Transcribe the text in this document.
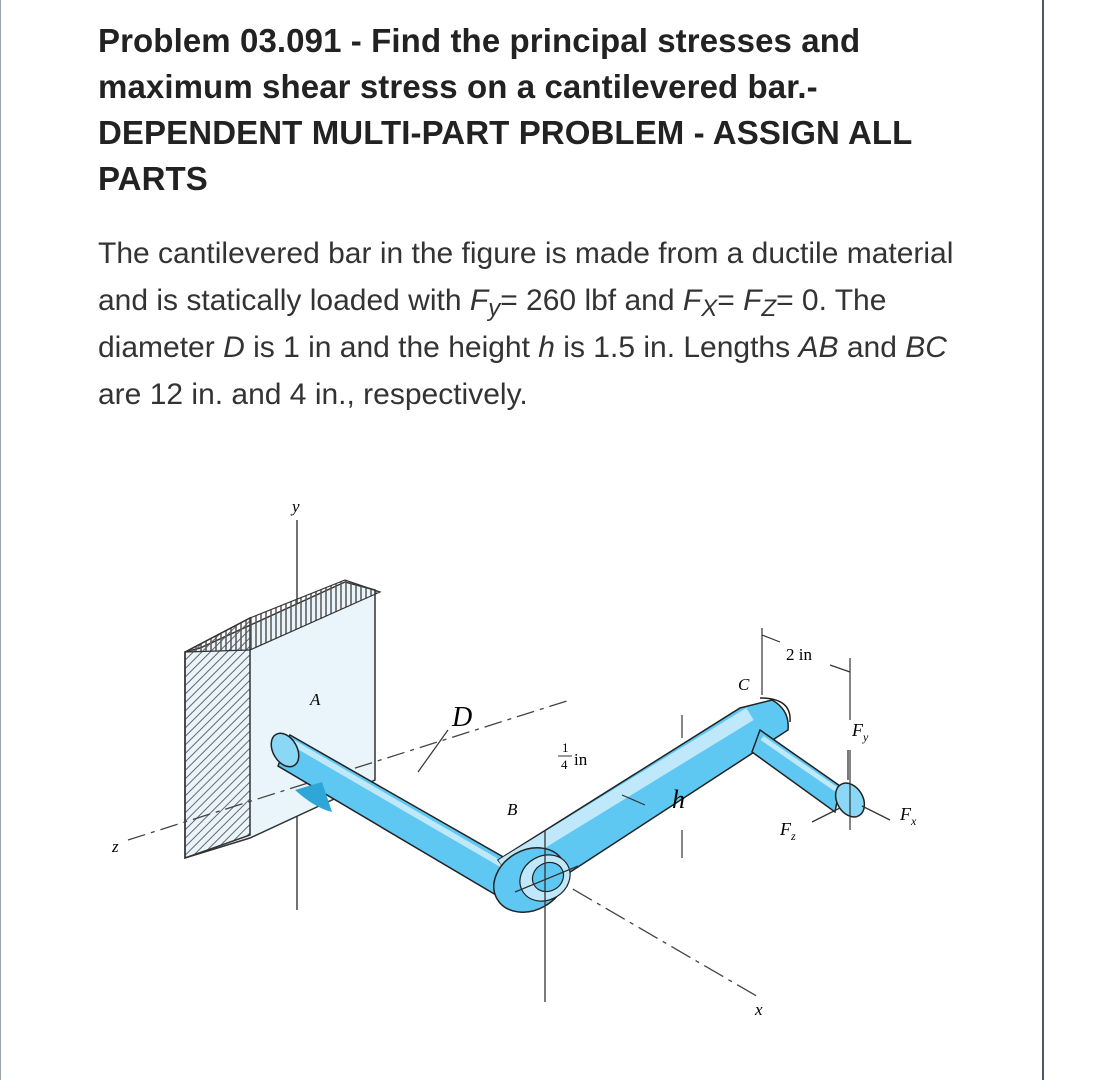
Problem 03.091 - Find the principal stresses and maximum shear stress on a cantilevered bar.- DEPENDENT MULTI-PART PROBLEM - ASSIGN ALL PARTS
The cantilevered bar in the figure is made from a ductile material and is statically loaded with $F_y= 260$ lbf and $F_X= F_Z= 0$. The diameter D is 1 in and the height h is 1.5 in. Lengths AB and BC are 12 in. and 4 in., respectively.
y
z
x
2 in
h
D
1
4 in
A
B
C
$F_y$
$F_z$
$F_x$
